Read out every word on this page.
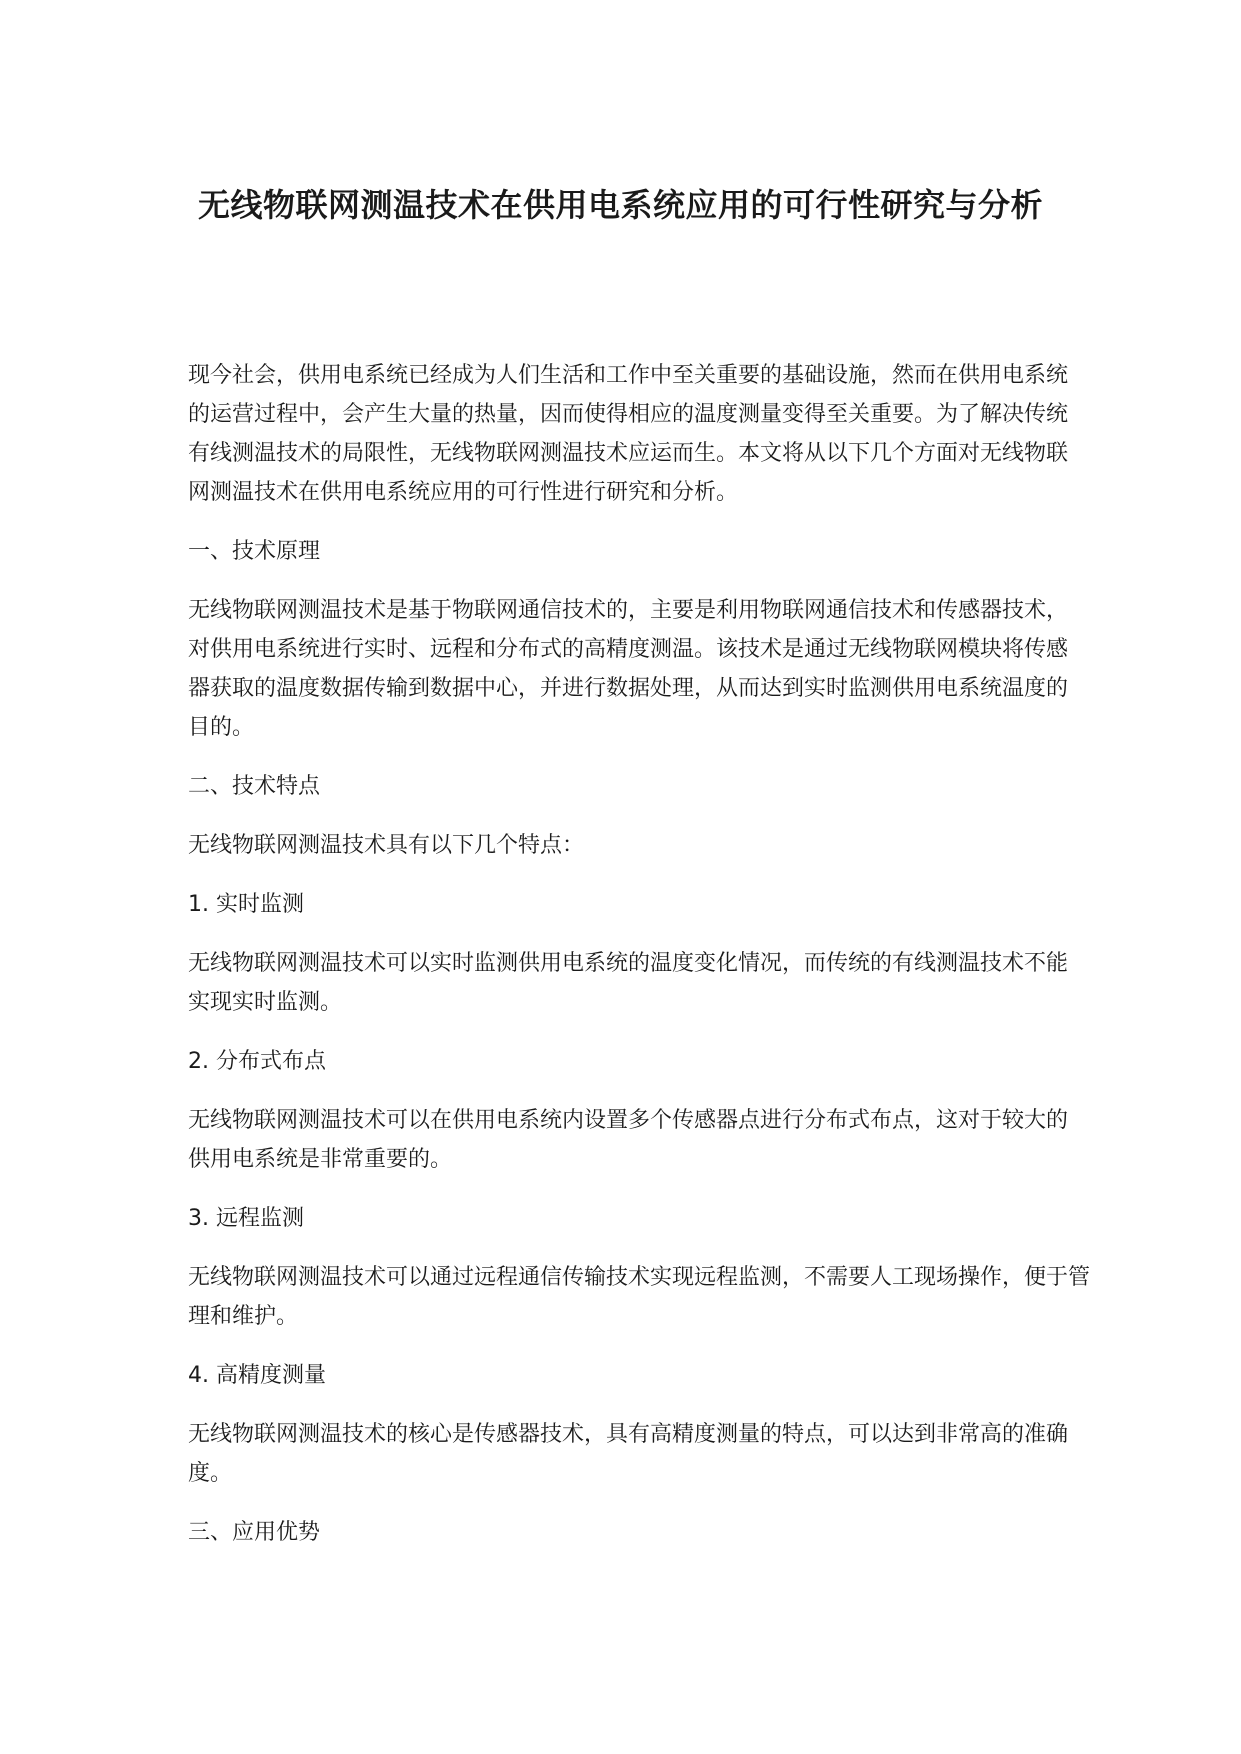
无线物联网测温技术在供用电系统应用的可行性研究与分析

现今社会，供用电系统已经成为人们生活和工作中至关重要的基础设施，然而在供用电系统的运营过程中，会产生大量的热量，因而使得相应的温度测量变得至关重要。为了解决传统有线测温技术的局限性，无线物联网测温技术应运而生。本文将从以下几个方面对无线物联网测温技术在供用电系统应用的可行性进行研究和分析。

一、技术原理

无线物联网测温技术是基于物联网通信技术的，主要是利用物联网通信技术和传感器技术，对供用电系统进行实时、远程和分布式的高精度测温。该技术是通过无线物联网模块将传感器获取的温度数据传输到数据中心，并进行数据处理，从而达到实时监测供用电系统温度的目的。

二、技术特点

无线物联网测温技术具有以下几个特点：

1. 实时监测

无线物联网测温技术可以实时监测供用电系统的温度变化情况，而传统的有线测温技术不能实现实时监测。

2. 分布式布点

无线物联网测温技术可以在供用电系统内设置多个传感器点进行分布式布点，这对于较大的供用电系统是非常重要的。

3. 远程监测

无线物联网测温技术可以通过远程通信传输技术实现远程监测，不需要人工现场操作，便于管理和维护。

4. 高精度测量

无线物联网测温技术的核心是传感器技术，具有高精度测量的特点，可以达到非常高的准确度。

三、应用优势
